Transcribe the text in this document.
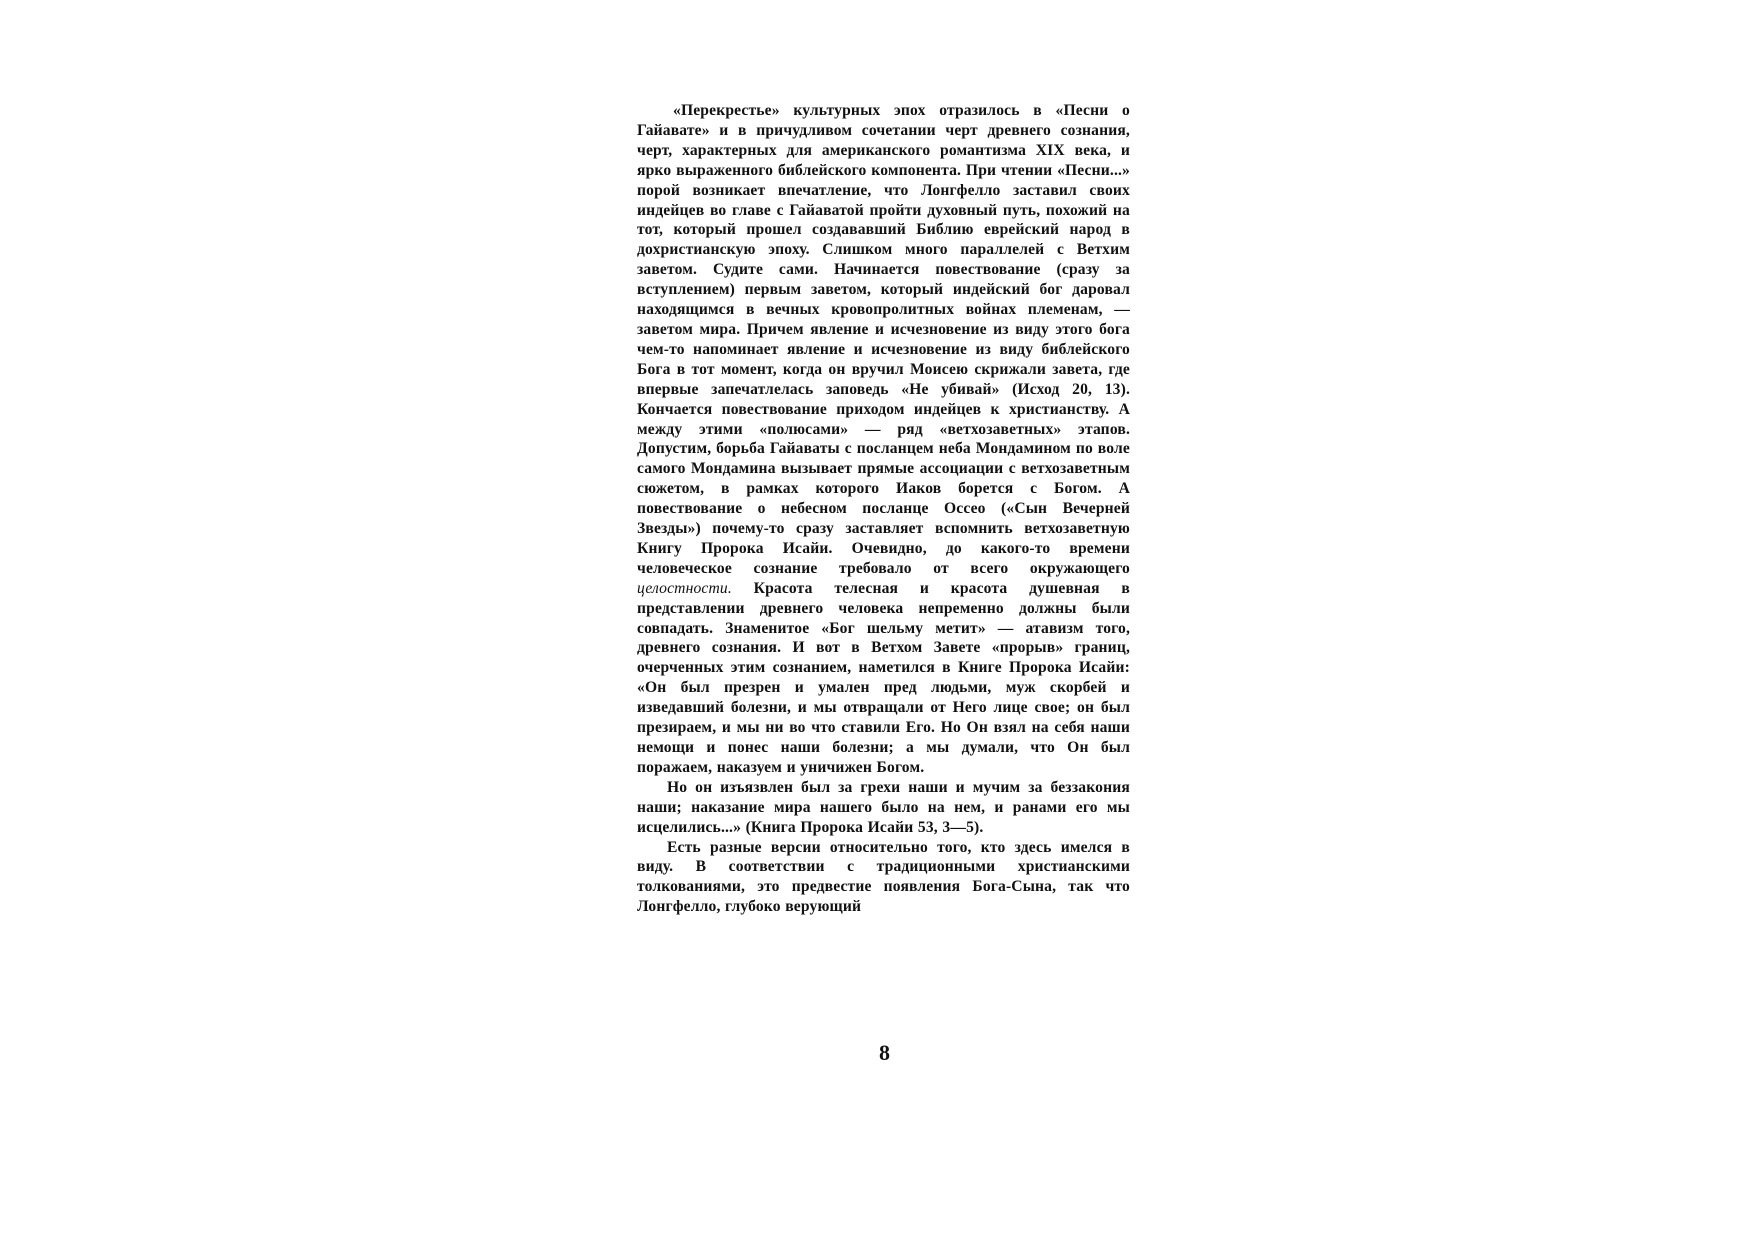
«Перекрестье» культурных эпох отразилось в «Песни о Гайавате» и в причудливом сочетании черт древнего сознания, черт, характерных для американского романтизма XIX века, и ярко выраженного библейского компонента. При чтении «Песни...» порой возникает впечатление, что Лонгфелло заставил своих индейцев во главе с Гайаватой пройти духовный путь, похожий на тот, который прошел создававший Библию еврейский народ в дохристианскую эпоху. Слишком много параллелей с Ветхим заветом. Судите сами. Начинается повествование (сразу за вступлением) первым заветом, который индейский бог даровал находящимся в вечных кровопролитных войнах племенам, — заветом мира. Причем явление и исчезновение из виду этого бога чем-то напоминает явление и исчезновение из виду библейского Бога в тот момент, когда он вручил Моисею скрижали завета, где впервые запечатлелась заповедь «Не убивай» (Исход 20, 13). Кончается повествование приходом индейцев к христианству. А между этими «полюсами» — ряд «ветхозаветных» этапов. Допустим, борьба Гайаваты с посланцем неба Мондамином по воле самого Мондамина вызывает прямые ассоциации с ветхозаветным сюжетом, в рамках которого Иаков борется с Богом. А повествование о небесном посланце Оссео («Сын Вечерней Звезды») почему-то сразу заставляет вспомнить ветхозаветную Книгу Пророка Исайи. Очевидно, до какого-то времени человеческое сознание требовало от всего окружающего целостности. Красота телесная и красота душевная в представлении древнего человека непременно должны были совпадать. Знаменитое «Бог шельму метит» — атавизм того, древнего сознания. И вот в Ветхом Завете «прорыв» границ, очерченных этим сознанием, наметился в Книге Пророка Исайи: «Он был презрен и умален пред людьми, муж скорбей и изведавший болезни, и мы отвращали от Него лице свое; он был презираем, и мы ни во что ставили Его. Но Он взял на себя наши немощи и понес наши болезни; а мы думали, что Он был поражаем, наказуем и уничижен Богом.

Но он изъязвлен был за грехи наши и мучим за беззакония наши; наказание мира нашего было на нем, и ранами его мы исцелились...» (Книга Пророка Исайи 53, 3—5).

Есть разные версии относительно того, кто здесь имелся в виду. В соответствии с традиционными христианскими толкованиями, это предвестие появления Бога-Сына, так что Лонгфелло, глубоко верующий

8
